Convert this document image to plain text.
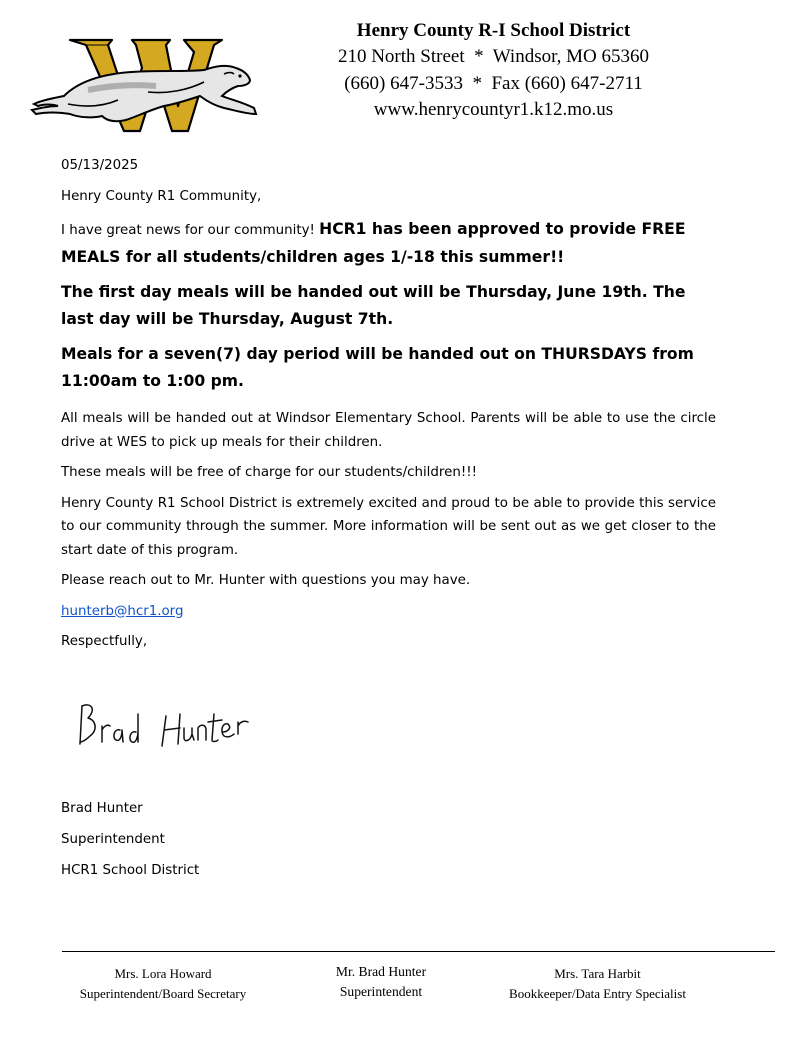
Henry County R-I School District
210 North Street  *  Windsor, MO 65360
(660) 647-3533  *  Fax (660) 647-2711
www.henrycountyr1.k12.mo.us

05/13/2025

Henry County R1 Community,

I have great news for our community! HCR1 has been approved to provide FREE MEALS for all students/children ages 1/-18 this summer!!

The first day meals will be handed out will be Thursday, June 19th. The last day will be Thursday, August 7th.

Meals for a seven(7) day period will be handed out on THURSDAYS from 11:00am to 1:00 pm.

All meals will be handed out at Windsor Elementary School. Parents will be able to use the circle drive at WES to pick up meals for their children.

These meals will be free of charge for our students/children!!!

Henry County R1 School District is extremely excited and proud to be able to provide this service to our community through the summer. More information will be sent out as we get closer to the start date of this program.

Please reach out to Mr. Hunter with questions you may have.

hunterb@hcr1.org

Respectfully,

Brad Hunter
Superintendent
HCR1 School District
Mrs. Lora Howard
Superintendent/Board Secretary
Mr. Brad Hunter
Superintendent
Mrs. Tara Harbit
Bookkeeper/Data Entry Specialist
